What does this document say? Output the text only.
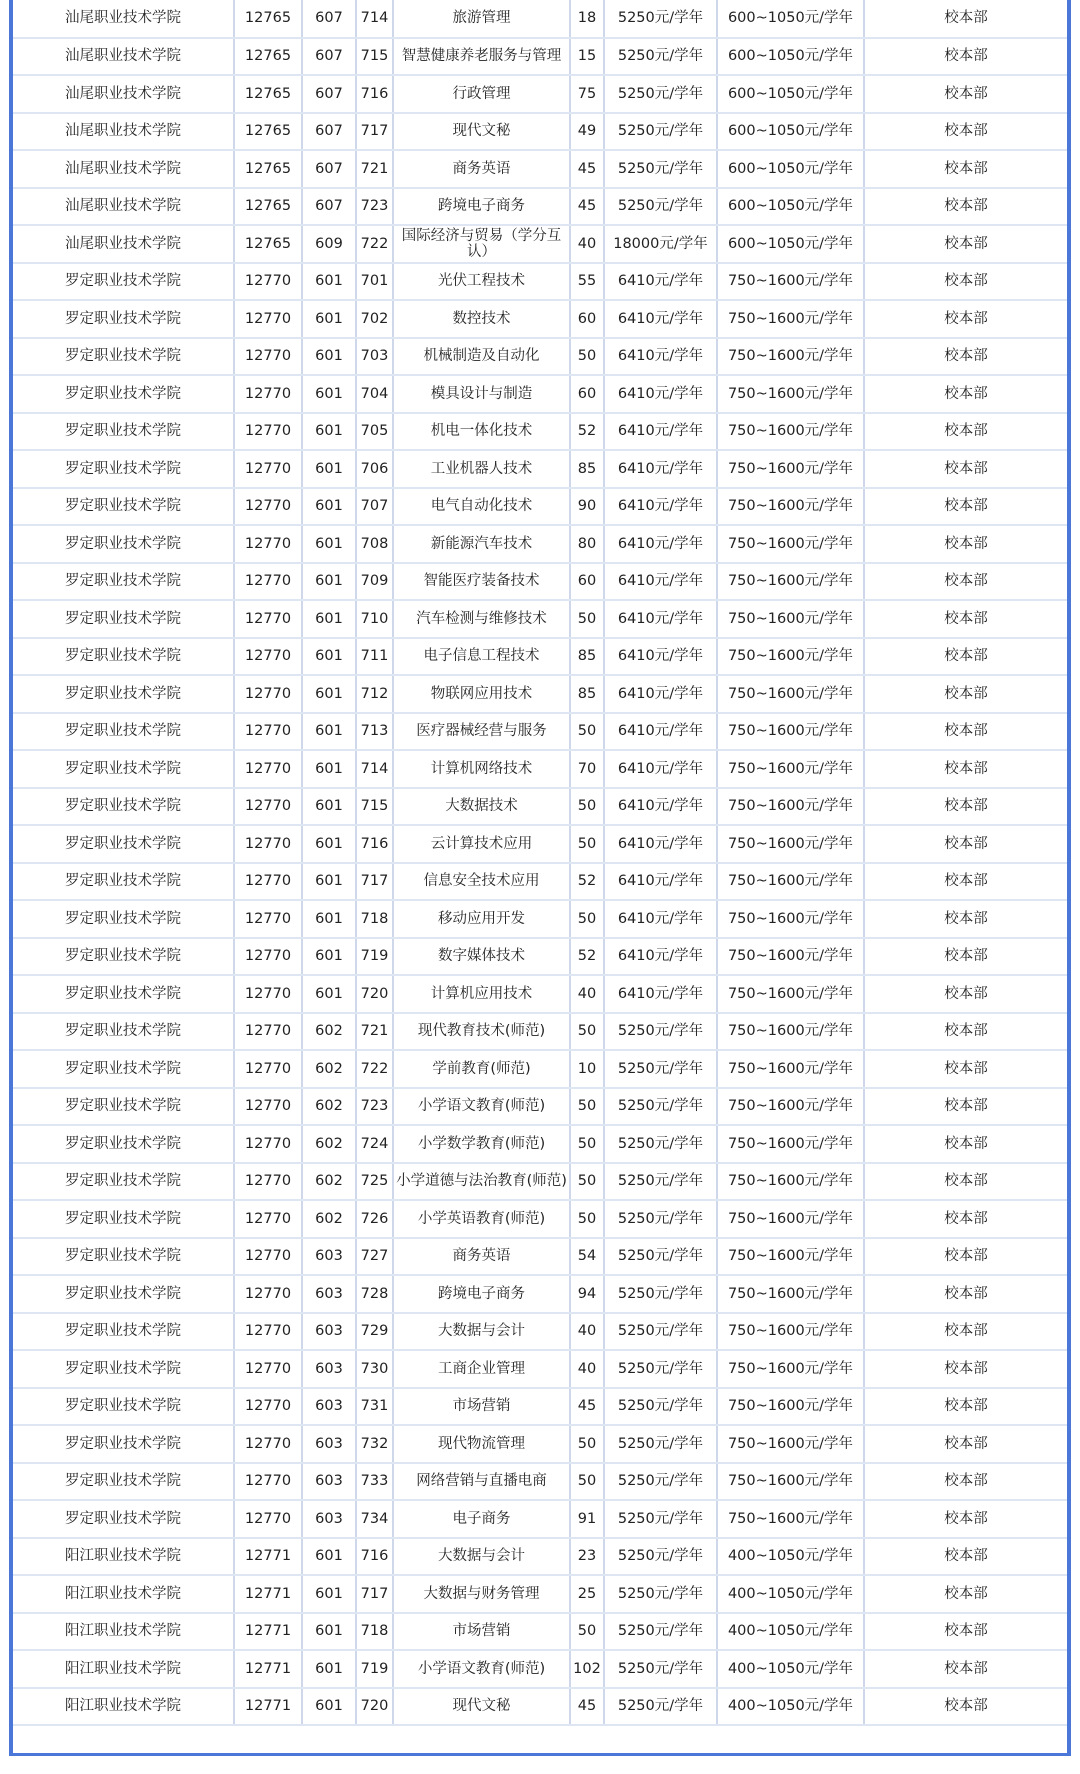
汕尾职业技术学院	12765	607	714	旅游管理	18	5250元/学年	600~1050元/学年	校本部
汕尾职业技术学院	12765	607	715	智慧健康养老服务与管理	15	5250元/学年	600~1050元/学年	校本部
汕尾职业技术学院	12765	607	716	行政管理	75	5250元/学年	600~1050元/学年	校本部
汕尾职业技术学院	12765	607	717	现代文秘	49	5250元/学年	600~1050元/学年	校本部
汕尾职业技术学院	12765	607	721	商务英语	45	5250元/学年	600~1050元/学年	校本部
汕尾职业技术学院	12765	607	723	跨境电子商务	45	5250元/学年	600~1050元/学年	校本部
汕尾职业技术学院	12765	609	722	国际经济与贸易（学分互认）	40	18000元/学年	600~1050元/学年	校本部
罗定职业技术学院	12770	601	701	光伏工程技术	55	6410元/学年	750~1600元/学年	校本部
罗定职业技术学院	12770	601	702	数控技术	60	6410元/学年	750~1600元/学年	校本部
罗定职业技术学院	12770	601	703	机械制造及自动化	50	6410元/学年	750~1600元/学年	校本部
罗定职业技术学院	12770	601	704	模具设计与制造	60	6410元/学年	750~1600元/学年	校本部
罗定职业技术学院	12770	601	705	机电一体化技术	52	6410元/学年	750~1600元/学年	校本部
罗定职业技术学院	12770	601	706	工业机器人技术	85	6410元/学年	750~1600元/学年	校本部
罗定职业技术学院	12770	601	707	电气自动化技术	90	6410元/学年	750~1600元/学年	校本部
罗定职业技术学院	12770	601	708	新能源汽车技术	80	6410元/学年	750~1600元/学年	校本部
罗定职业技术学院	12770	601	709	智能医疗装备技术	60	6410元/学年	750~1600元/学年	校本部
罗定职业技术学院	12770	601	710	汽车检测与维修技术	50	6410元/学年	750~1600元/学年	校本部
罗定职业技术学院	12770	601	711	电子信息工程技术	85	6410元/学年	750~1600元/学年	校本部
罗定职业技术学院	12770	601	712	物联网应用技术	85	6410元/学年	750~1600元/学年	校本部
罗定职业技术学院	12770	601	713	医疗器械经营与服务	50	6410元/学年	750~1600元/学年	校本部
罗定职业技术学院	12770	601	714	计算机网络技术	70	6410元/学年	750~1600元/学年	校本部
罗定职业技术学院	12770	601	715	大数据技术	50	6410元/学年	750~1600元/学年	校本部
罗定职业技术学院	12770	601	716	云计算技术应用	50	6410元/学年	750~1600元/学年	校本部
罗定职业技术学院	12770	601	717	信息安全技术应用	52	6410元/学年	750~1600元/学年	校本部
罗定职业技术学院	12770	601	718	移动应用开发	50	6410元/学年	750~1600元/学年	校本部
罗定职业技术学院	12770	601	719	数字媒体技术	52	6410元/学年	750~1600元/学年	校本部
罗定职业技术学院	12770	601	720	计算机应用技术	40	6410元/学年	750~1600元/学年	校本部
罗定职业技术学院	12770	602	721	现代教育技术(师范)	50	5250元/学年	750~1600元/学年	校本部
罗定职业技术学院	12770	602	722	学前教育(师范)	10	5250元/学年	750~1600元/学年	校本部
罗定职业技术学院	12770	602	723	小学语文教育(师范)	50	5250元/学年	750~1600元/学年	校本部
罗定职业技术学院	12770	602	724	小学数学教育(师范)	50	5250元/学年	750~1600元/学年	校本部
罗定职业技术学院	12770	602	725	小学道德与法治教育(师范)	50	5250元/学年	750~1600元/学年	校本部
罗定职业技术学院	12770	602	726	小学英语教育(师范)	50	5250元/学年	750~1600元/学年	校本部
罗定职业技术学院	12770	603	727	商务英语	54	5250元/学年	750~1600元/学年	校本部
罗定职业技术学院	12770	603	728	跨境电子商务	94	5250元/学年	750~1600元/学年	校本部
罗定职业技术学院	12770	603	729	大数据与会计	40	5250元/学年	750~1600元/学年	校本部
罗定职业技术学院	12770	603	730	工商企业管理	40	5250元/学年	750~1600元/学年	校本部
罗定职业技术学院	12770	603	731	市场营销	45	5250元/学年	750~1600元/学年	校本部
罗定职业技术学院	12770	603	732	现代物流管理	50	5250元/学年	750~1600元/学年	校本部
罗定职业技术学院	12770	603	733	网络营销与直播电商	50	5250元/学年	750~1600元/学年	校本部
罗定职业技术学院	12770	603	734	电子商务	91	5250元/学年	750~1600元/学年	校本部
阳江职业技术学院	12771	601	716	大数据与会计	23	5250元/学年	400~1050元/学年	校本部
阳江职业技术学院	12771	601	717	大数据与财务管理	25	5250元/学年	400~1050元/学年	校本部
阳江职业技术学院	12771	601	718	市场营销	50	5250元/学年	400~1050元/学年	校本部
阳江职业技术学院	12771	601	719	小学语文教育(师范)	102	5250元/学年	400~1050元/学年	校本部
阳江职业技术学院	12771	601	720	现代文秘	45	5250元/学年	400~1050元/学年	校本部
